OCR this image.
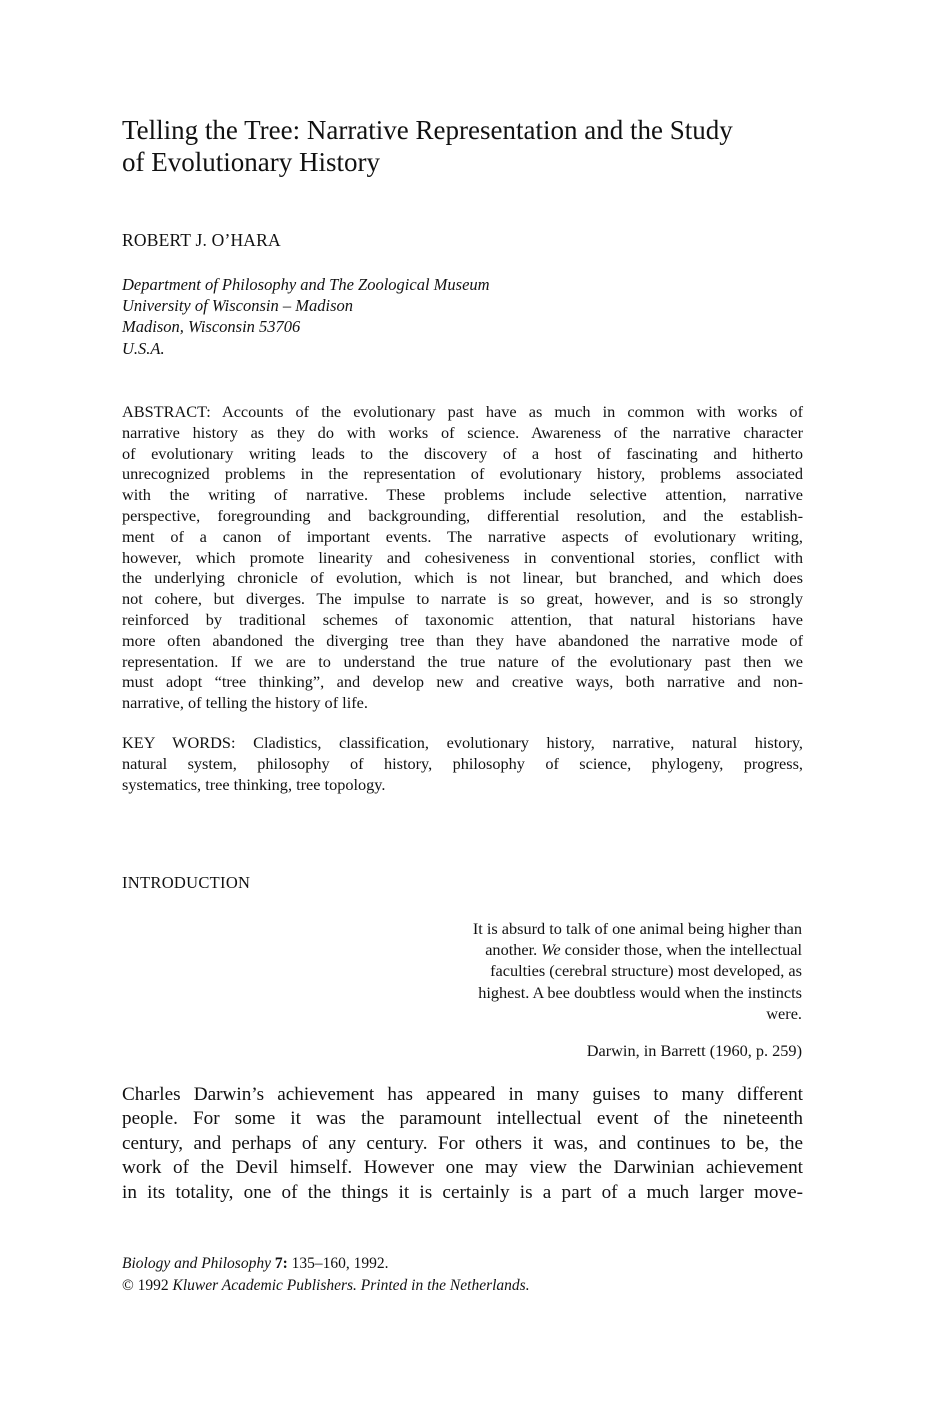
Telling the Tree: Narrative Representation and the Study
of Evolutionary History
ROBERT J. O’HARA
Department of Philosophy and The Zoological Museum
University of Wisconsin – Madison
Madison, Wisconsin 53706
U.S.A.
ABSTRACT: Accounts of the evolutionary past have as much in common with works of
narrative history as they do with works of science. Awareness of the narrative character
of evolutionary writing leads to the discovery of a host of fascinating and hitherto
unrecognized problems in the representation of evolutionary history, problems associated
with the writing of narrative. These problems include selective attention, narrative
perspective, foregrounding and backgrounding, differential resolution, and the establish-
ment of a canon of important events. The narrative aspects of evolutionary writing,
however, which promote linearity and cohesiveness in conventional stories, conflict with
the underlying chronicle of evolution, which is not linear, but branched, and which does
not cohere, but diverges. The impulse to narrate is so great, however, and is so strongly
reinforced by traditional schemes of taxonomic attention, that natural historians have
more often abandoned the diverging tree than they have abandoned the narrative mode of
representation. If we are to understand the true nature of the evolutionary past then we
must adopt “tree thinking”, and develop new and creative ways, both narrative and non-
narrative, of telling the history of life.
KEY WORDS: Cladistics, classification, evolutionary history, narrative, natural history,
natural system, philosophy of history, philosophy of science, phylogeny, progress,
systematics, tree thinking, tree topology.
INTRODUCTION
It is absurd to talk of one animal being higher than
another. We consider those, when the intellectual
faculties (cerebral structure) most developed, as
highest. A bee doubtless would when the instincts
were.
Darwin, in Barrett (1960, p. 259)
Charles Darwin’s achievement has appeared in many guises to many different
people. For some it was the paramount intellectual event of the nineteenth
century, and perhaps of any century. For others it was, and continues to be, the
work of the Devil himself. However one may view the Darwinian achievement
in its totality, one of the things it is certainly is a part of a much larger move-
Biology and Philosophy 7: 135–160, 1992.
© 1992 Kluwer Academic Publishers. Printed in the Netherlands.
